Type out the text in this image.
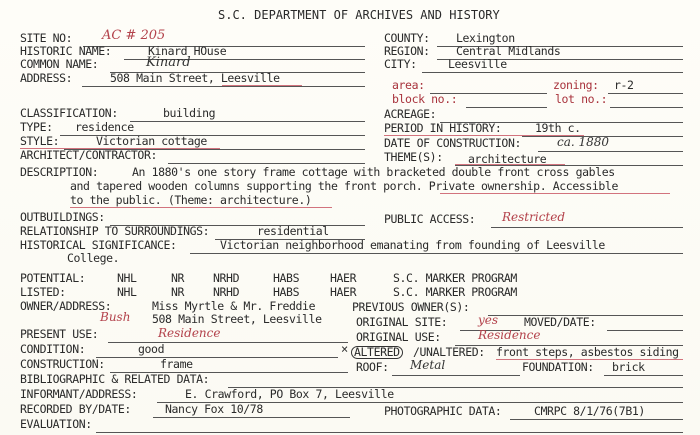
S.C. DEPARTMENT OF ARCHIVES AND HISTORY
SITE NO: AC # 205	COUNTY: Lexington
HISTORIC NAME:	Kinard HOuse	REGION: Central Midlands
COMMON NAME:	Kinard	CITY:	Leesville
ADDRESS:	508 Main Street, Leesville	area:	zoning: r-2
block no.:	lot no.:
CLASSIFICATION:	building	ACREAGE:
TYPE: residence	PERIOD IN HISTORY:	19th c.
STYLE:	Victorian cottage	DATE OF CONSTRUCTION:	ca. 1880
ARCHITECT/CONTRACTOR:	THEME(S): architecture
DESCRIPTION:	An 1880's one story frame cottage with bracketed double front cross gables
and tapered wooden columns supporting the front porch. Private ownership. Accessible
to the public. (Theme: architecture.)
OUTBUILDINGS:	PUBLIC ACCESS: Restricted
RELATIONSHIP TO SURROUNDINGS:	residential
HISTORICAL SIGNIFICANCE:	Victorian neighborhood emanating from founding of Leesville
College.
POTENTIAL:	NHL	NR	NRHD	HABS	HAER	S.C. MARKER PROGRAM
LISTED:	NHL	NR	NRHD	HABS	HAER	S.C. MARKER PROGRAM
OWNER/ADDRESS:	Miss Myrtle & Mr. Freddie	PREVIOUS OWNER(S):
Bush 508 Main Street, Leesville	ORIGINAL SITE:	yes MOVED/DATE:
PRESENT USE:	Residence	ORIGINAL USE:	Residence
CONDITION:	good	× ALTERED /UNALTERED: front steps, asbestos siding
CONSTRUCTION:	frame	ROOF: Metal	FOUNDATION: brick
BIBLIOGRAPHIC & RELATED DATA:
INFORMANT/ADDRESS:	E. Crawford, PO Box 7, Leesville
RECORDED BY/DATE:	Nancy Fox 10/78	PHOTOGRAPHIC DATA:	CMRPC 8/1/76(7B1)
EVALUATION:
